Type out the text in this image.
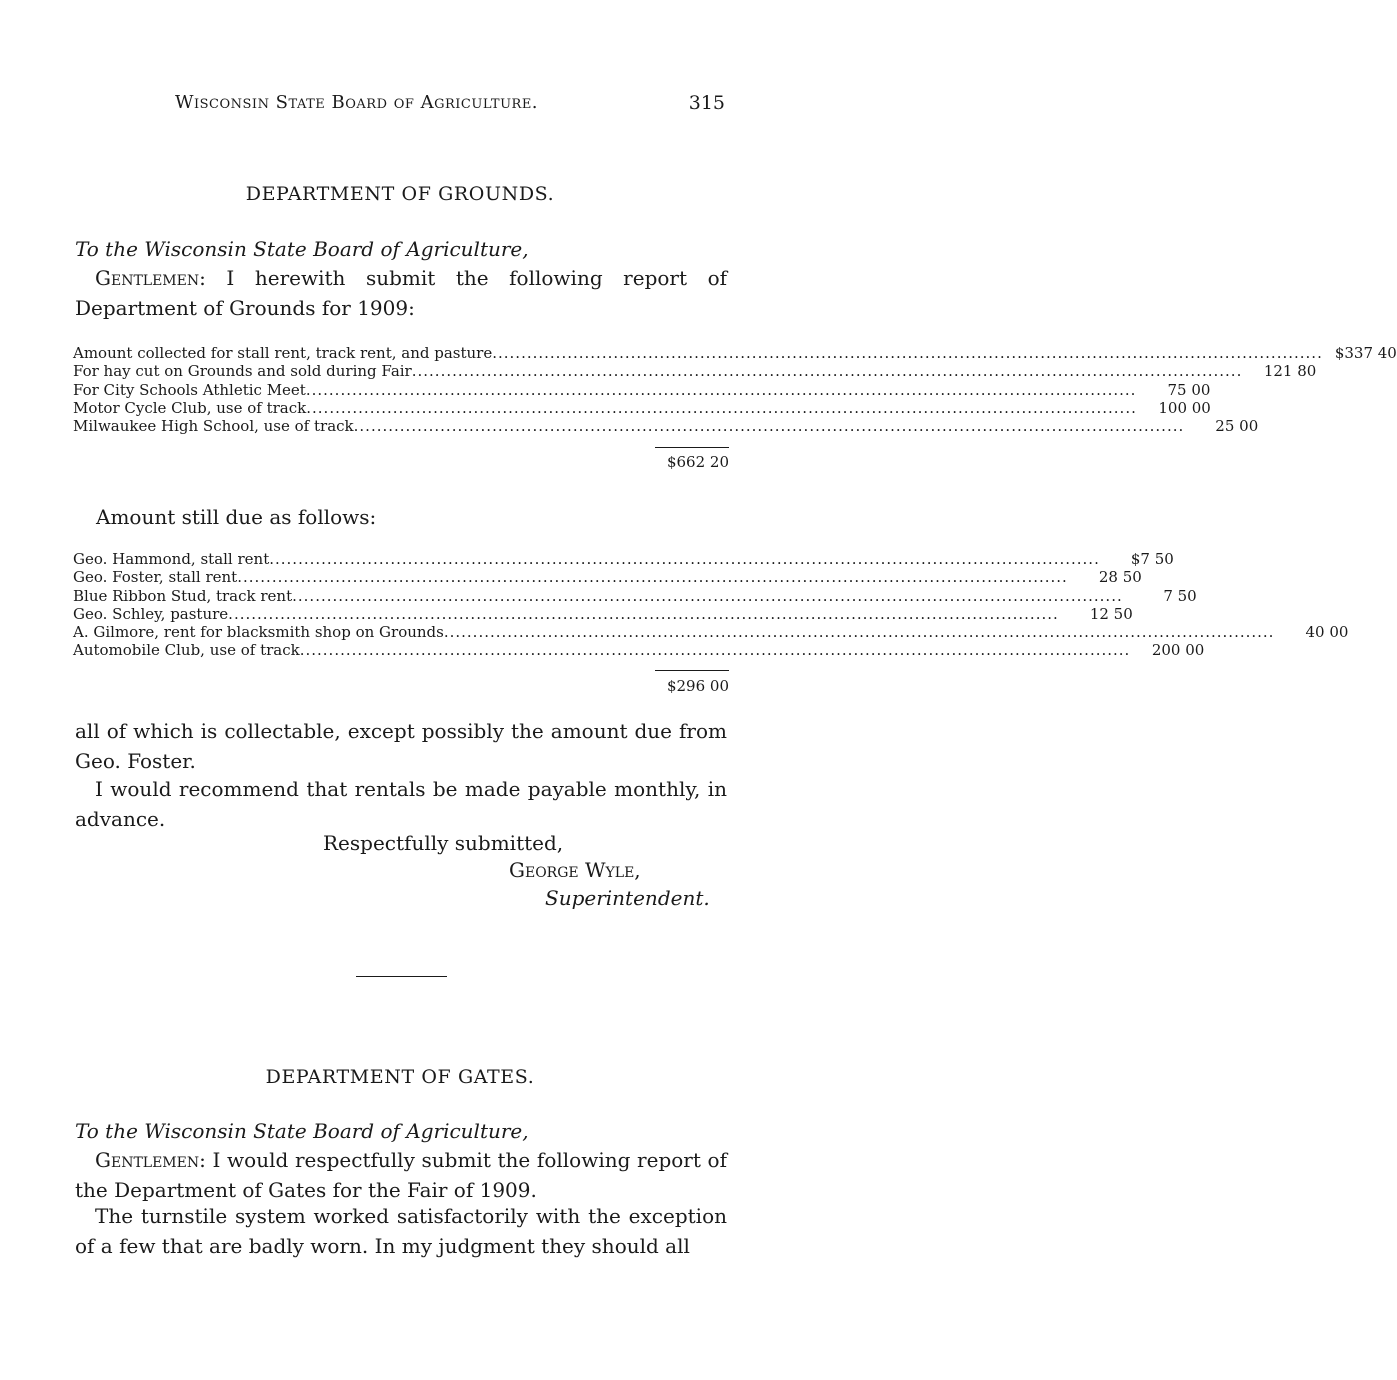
Wisconsin State Board of Agriculture.	315
DEPARTMENT OF GROUNDS.
To the Wisconsin State Board of Agriculture,
Gentlemen: I herewith submit the following report of Department of Grounds for 1909:
Amount collected for stall rent, track rent, and pasture .....	$337 40
For hay cut on Grounds and sold during Fair .....	121 80
For City Schools Athletic Meet .....	75 00
Motor Cycle Club, use of track .....	100 00
Milwaukee High School, use of track .....	25 00
$662 20
Amount still due as follows:
Geo. Hammond, stall rent .....	$7 50
Geo. Foster, stall rent .....	28 50
Blue Ribbon Stud, track rent .....	7 50
Geo. Schley, pasture .....	12 50
A. Gilmore, rent for blacksmith shop on Grounds .....	40 00
Automobile Club, use of track .....	200 00
$296 00
all of which is collectable, except possibly the amount due from Geo. Foster.
I would recommend that rentals be made payable monthly, in advance.
Respectfully submitted,
George Wyle,
Superintendent.
DEPARTMENT OF GATES.
To the Wisconsin State Board of Agriculture,
Gentlemen: I would respectfully submit the following report of the Department of Gates for the Fair of 1909.
The turnstile system worked satisfactorily with the exception of a few that are badly worn. In my judgment they should all
